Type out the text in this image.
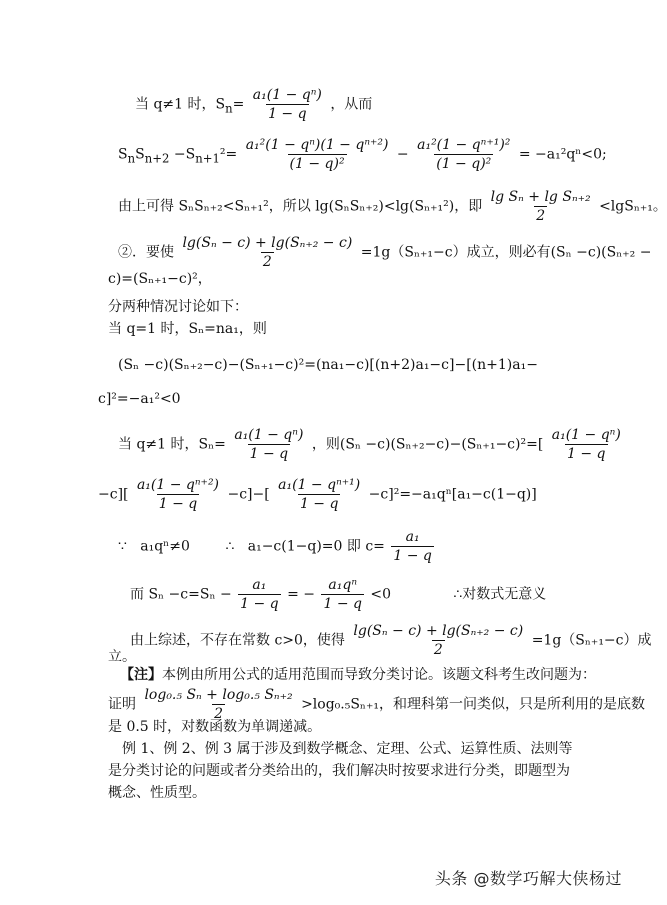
当 q≠1 时，$S_n= \frac{\text{a₁(1 − qⁿ)}}{1 - q}$ ，从而
$S_nS_{n+2} -S_{n+1}^2= \frac{\text{a₁²(1 − qⁿ)(1 − qⁿ⁺²)}}{\text{(1 − q)²}} - \frac{\text{a₁²(1 − qⁿ⁺¹)²}}{\text{(1 − q)²}} = -a_1^2q^n<0$;
由上可得 SₙSₙ₊₂<Sₙ₊₁²，所以 lg(SₙSₙ₊₂)<lg(Sₙ₊₁²)，即 $\frac{\text{lg Sₙ + lg Sₙ₊₂}}{2} <\lg S_{n+1}$。
②．要使 $\frac{\text{lg(Sₙ − c) + lg(Sₙ₊₂ − c)}}{2} =1g(S_{n+1}-c)$成立，则必有(Sₙ −c)(Sₙ₊₂ −
c)=(Sₙ₊₁−c)²，
分两种情况讨论如下：
当 q=1 时，Sₙ=na₁，则
(Sₙ −c)(Sₙ₊₂−c)−(Sₙ₊₁−c)²=(na₁−c)[(n+2)a₁−c]−[(n+1)a₁−
c]²=−a₁²<0
当 q≠1 时，$S_n= \frac{\text{a₁(1 − qⁿ)}}{1 - q}$ ，则$(S_n -c)(S_{n+2}-c)-(S_{n+1}-c)^2=[ \frac{\text{a₁(1 − qⁿ)}}{1 - q}$
$-c][ \frac{\text{a₁(1 − qⁿ⁺²)}}{1 - q} -c]-[ \frac{\text{a₁(1 − qⁿ⁺¹)}}{1 - q} -c]^2=-a_1q^n[a_1-c(1-q)]$
∵   a₁qⁿ≠0        ∴   a₁−c(1−q)=0 即 $c= \frac{\text{a₁}}{1 - q}$
而 $S_n -c=S_n - \frac{\text{a₁}}{1 - q}$ = − $\frac{\text{a₁qⁿ}}{1 - q} <0$              ∴对数式无意义
由上综述，不存在常数 c>0，使得 $\frac{\text{lg(Sₙ − c) + lg(Sₙ₊₂ − c)}}{2} =1g(S_{n+1}-c)$成
立。
【注】本例由所用公式的适用范围而导致分类讨论。该题文科考生改问题为：
证明 $\frac{\text{log₀.₅ Sₙ + log₀.₅ Sₙ₊₂}}{2} >\log_0._5S_{n+1}$，和理科第一问类似，只是所利用的是底数
是 0.5 时，对数函数为单调递减。
例 1、例 2、例 3 属于涉及到数学概念、定理、公式、运算性质、法则等是分类讨论的问题或者分类给出的，我们解决时按要求进行分类，即题型为概念、性质型。
头条 @数学巧解大侠杨过
